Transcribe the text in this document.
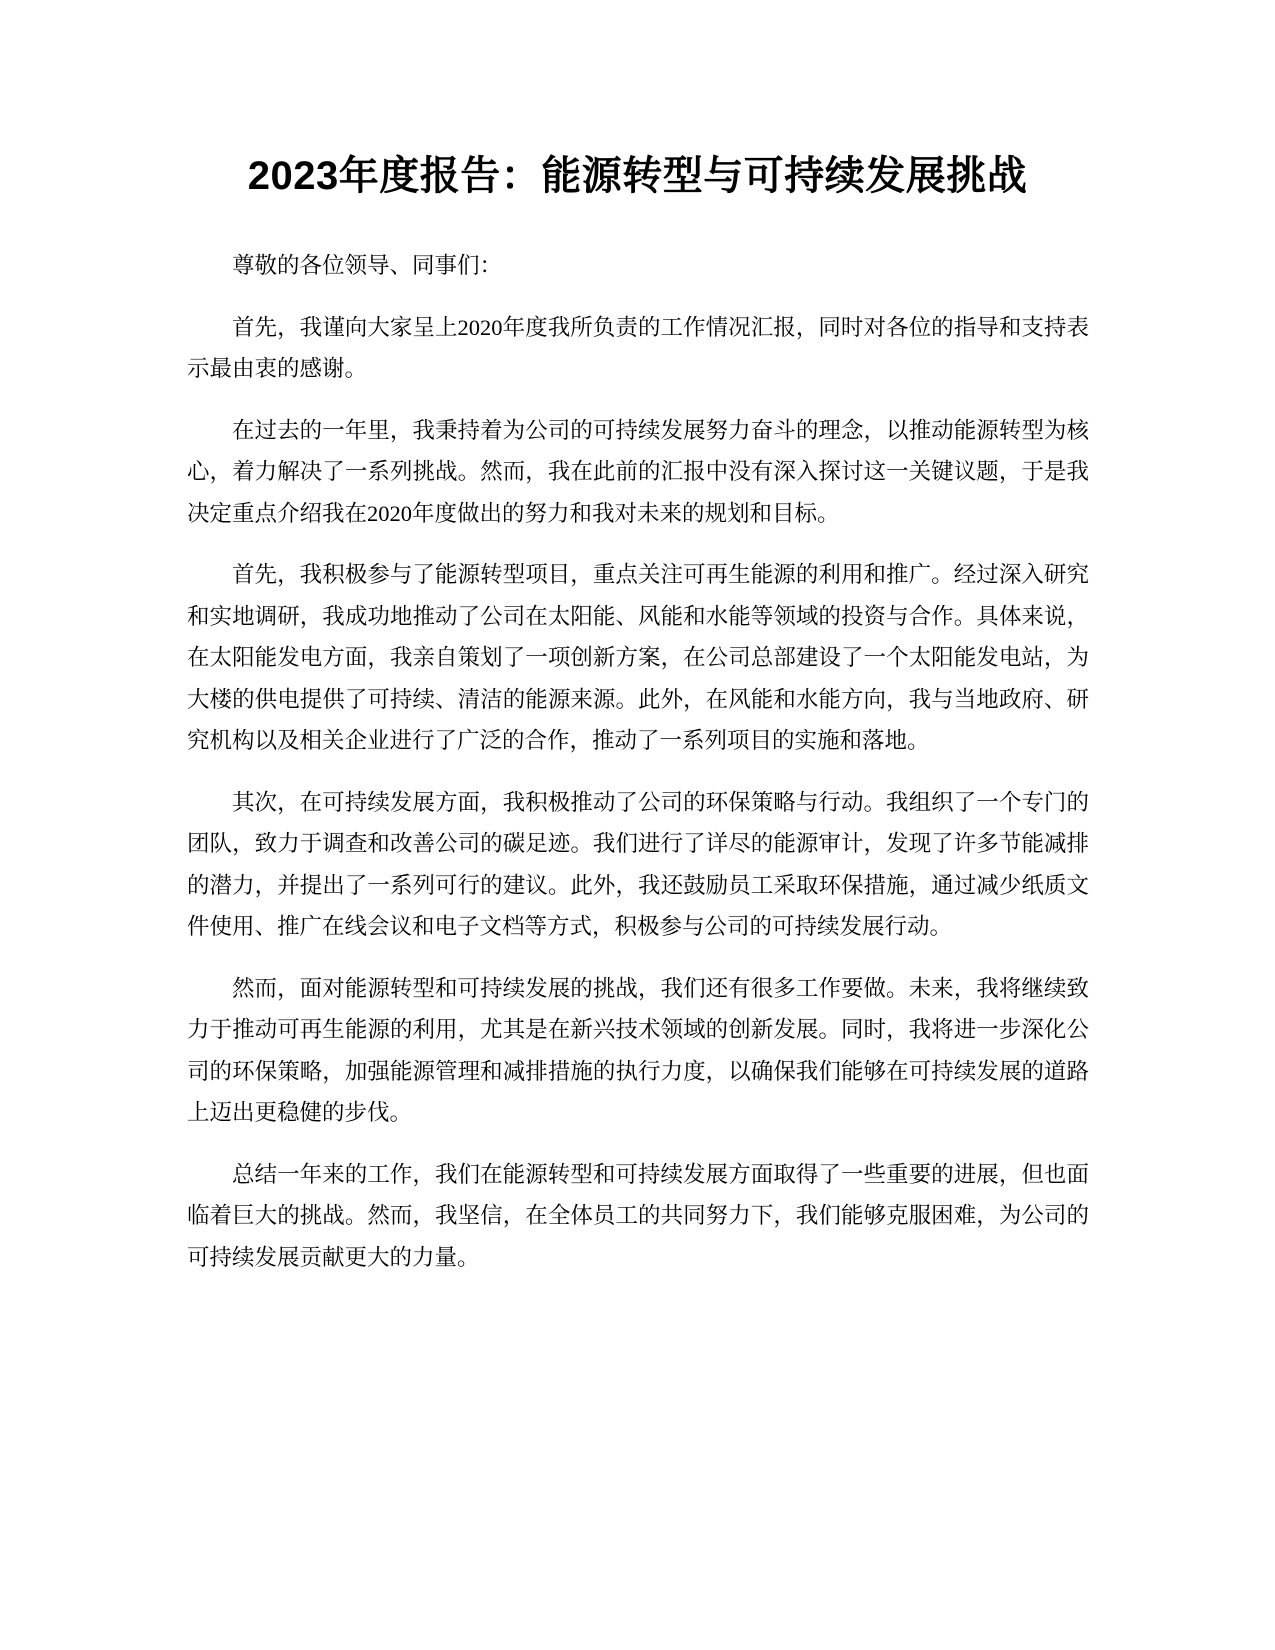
2023年度报告：能源转型与可持续发展挑战

尊敬的各位领导、同事们：

首先，我谨向大家呈上2020年度我所负责的工作情况汇报，同时对各位的指导和支持表示最由衷的感谢。

在过去的一年里，我秉持着为公司的可持续发展努力奋斗的理念，以推动能源转型为核心，着力解决了一系列挑战。然而，我在此前的汇报中没有深入探讨这一关键议题，于是我决定重点介绍我在2020年度做出的努力和我对未来的规划和目标。

首先，我积极参与了能源转型项目，重点关注可再生能源的利用和推广。经过深入研究和实地调研，我成功地推动了公司在太阳能、风能和水能等领域的投资与合作。具体来说，在太阳能发电方面，我亲自策划了一项创新方案，在公司总部建设了一个太阳能发电站，为大楼的供电提供了可持续、清洁的能源来源。此外，在风能和水能方向，我与当地政府、研究机构以及相关企业进行了广泛的合作，推动了一系列项目的实施和落地。

其次，在可持续发展方面，我积极推动了公司的环保策略与行动。我组织了一个专门的团队，致力于调查和改善公司的碳足迹。我们进行了详尽的能源审计，发现了许多节能减排的潜力，并提出了一系列可行的建议。此外，我还鼓励员工采取环保措施，通过减少纸质文件使用、推广在线会议和电子文档等方式，积极参与公司的可持续发展行动。

然而，面对能源转型和可持续发展的挑战，我们还有很多工作要做。未来，我将继续致力于推动可再生能源的利用，尤其是在新兴技术领域的创新发展。同时，我将进一步深化公司的环保策略，加强能源管理和减排措施的执行力度，以确保我们能够在可持续发展的道路上迈出更稳健的步伐。

总结一年来的工作，我们在能源转型和可持续发展方面取得了一些重要的进展，但也面临着巨大的挑战。然而，我坚信，在全体员工的共同努力下，我们能够克服困难，为公司的可持续发展贡献更大的力量。
